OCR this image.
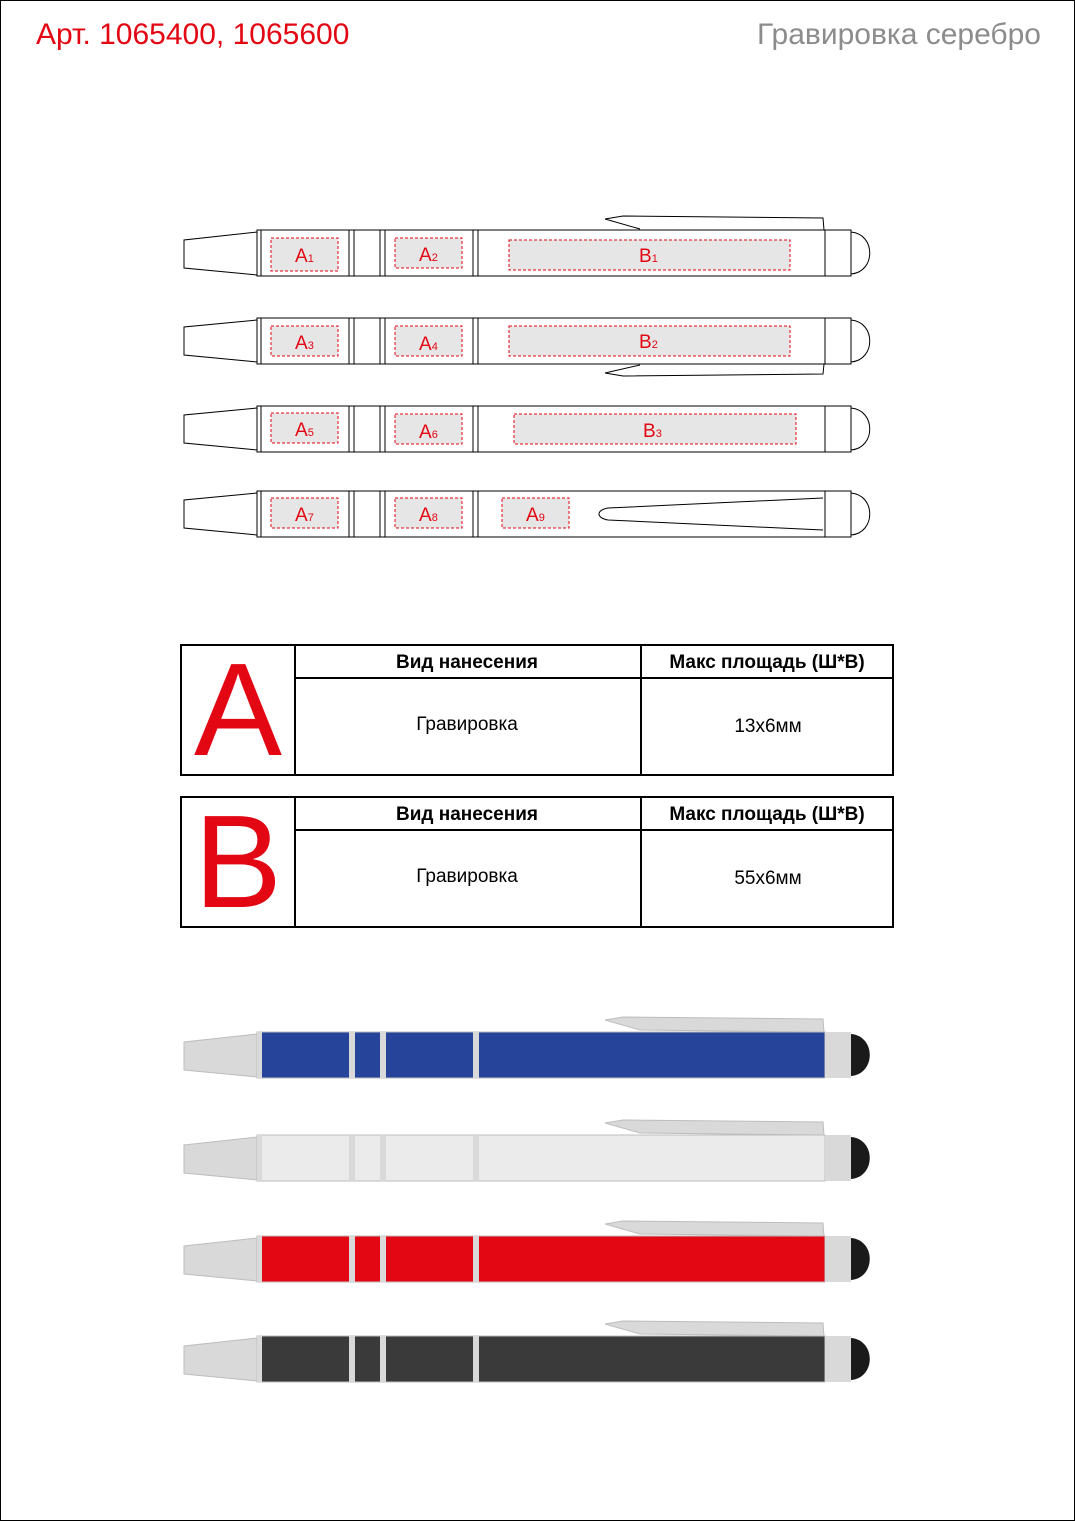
Арт. 1065400, 1065600	Гравировка серебро
A1	A2	B1
A3	A4	B2
A5	A6	B3
A7	A8	A9
A	Вид нанесения	Макс площадь (Ш*В)
Гравировка	13х6мм
B	Вид нанесения	Макс площадь (Ш*В)
Гравировка	55х6мм
